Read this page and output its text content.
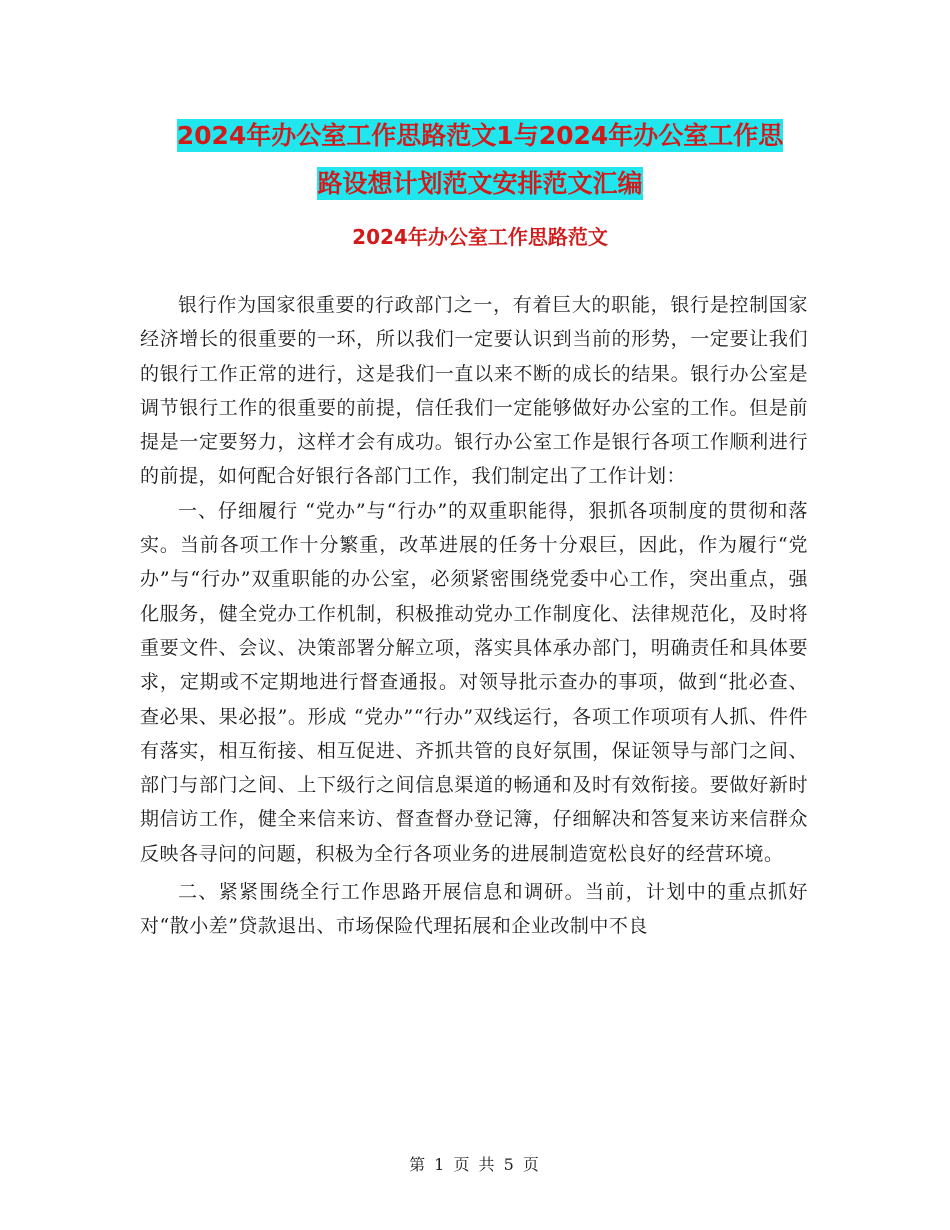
2024年办公室工作思路范文1与2024年办公室工作思
路设想计划范文安排范文汇编
2024年办公室工作思路范文

银行作为国家很重要的行政部门之一，有着巨大的职能，银行是控制国家经济增长的很重要的一环，所以我们一定要认识到当前的形势，一定要让我们的银行工作正常的进行，这是我们一直以来不断的成长的结果。银行办公室是调节银行工作的很重要的前提，信任我们一定能够做好办公室的工作。但是前提是一定要努力，这样才会有成功。银行办公室工作是银行各项工作顺利进行的前提，如何配合好银行各部门工作，我们制定出了工作计划：

一、仔细履行 “党办”与“行办”的双重职能得，狠抓各项制度的贯彻和落实。当前各项工作十分繁重，改革进展的任务十分艰巨，因此，作为履行“党办”与“行办”双重职能的办公室，必须紧密围绕党委中心工作，突出重点，强化服务，健全党办工作机制，积极推动党办工作制度化、法律规范化，及时将重要文件、会议、决策部署分解立项，落实具体承办部门，明确责任和具体要求，定期或不定期地进行督查通报。对领导批示查办的事项，做到“批必查、查必果、果必报”。形成 “党办”“行办”双线运行，各项工作项项有人抓、件件有落实，相互衔接、相互促进、齐抓共管的良好氛围，保证领导与部门之间、部门与部门之间、上下级行之间信息渠道的畅通和及时有效衔接。要做好新时期信访工作，健全来信来访、督查督办登记簿，仔细解决和答复来访来信群众反映各寻问的问题，积极为全行各项业务的进展制造宽松良好的经营环境。

二、紧紧围绕全行工作思路开展信息和调研。当前，计划中的重点抓好对“散小差”贷款退出、市场保险代理拓展和企业改制中不良

第 1 页 共 5 页
